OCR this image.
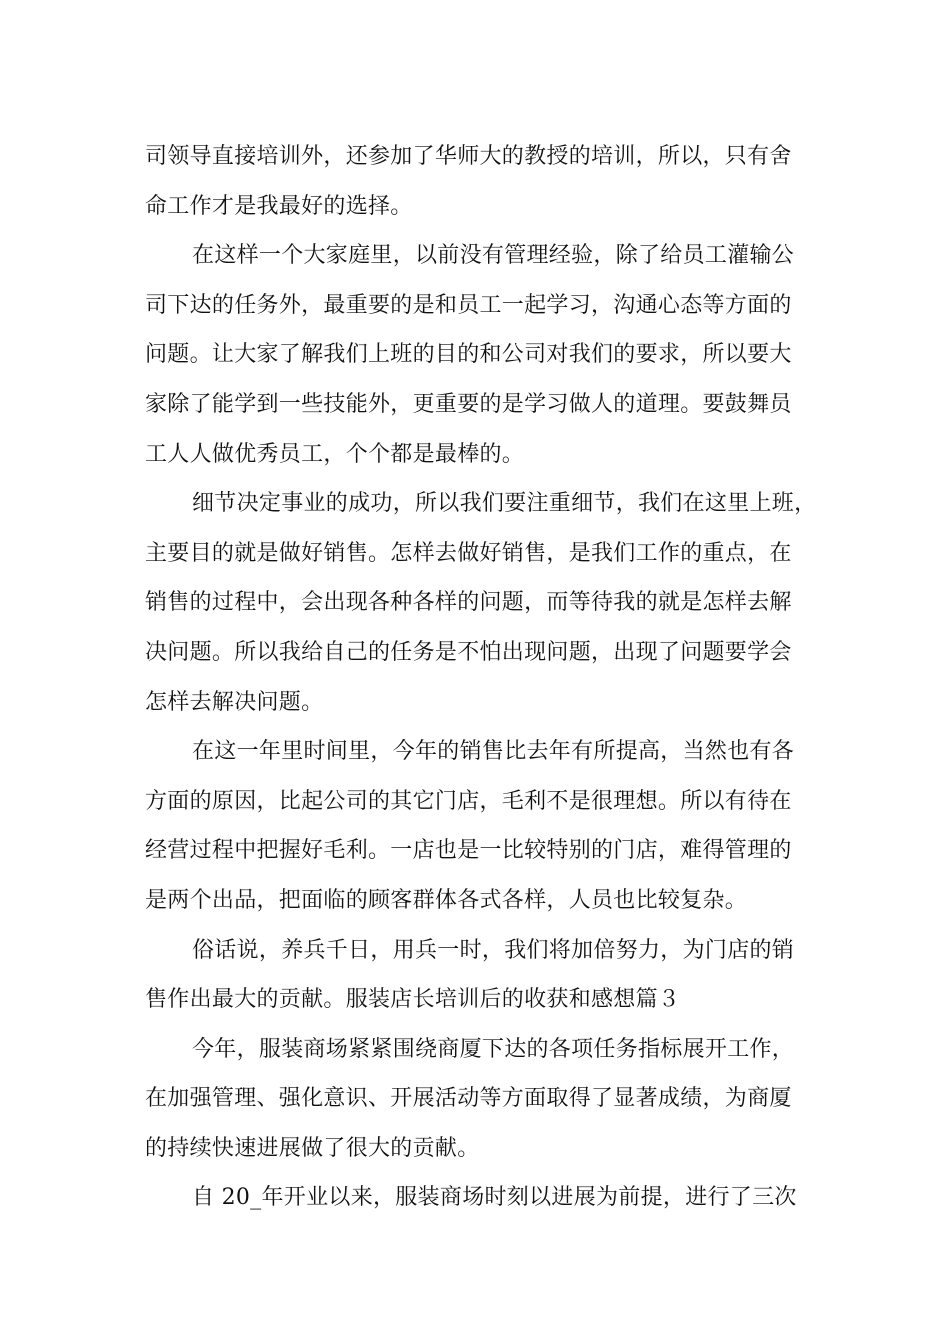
司领导直接培训外，还参加了华师大的教授的培训，所以，只有舍
命工作才是我最好的选择。
在这样一个大家庭里，以前没有管理经验，除了给员工灌输公
司下达的任务外，最重要的是和员工一起学习，沟通心态等方面的
问题。让大家了解我们上班的目的和公司对我们的要求，所以要大
家除了能学到一些技能外，更重要的是学习做人的道理。要鼓舞员
工人人做优秀员工，个个都是最棒的。
细节决定事业的成功，所以我们要注重细节，我们在这里上班，
主要目的就是做好销售。怎样去做好销售，是我们工作的重点，在
销售的过程中，会出现各种各样的问题，而等待我的就是怎样去解
决问题。所以我给自己的任务是不怕出现问题，出现了问题要学会
怎样去解决问题。
在这一年里时间里，今年的销售比去年有所提高，当然也有各
方面的原因，比起公司的其它门店，毛利不是很理想。所以有待在
经营过程中把握好毛利。一店也是一比较特别的门店，难得管理的
是两个出品，把面临的顾客群体各式各样，人员也比较复杂。
俗话说，养兵千日，用兵一时，我们将加倍努力，为门店的销
售作出最大的贡献。服装店长培训后的收获和感想篇３
今年，服装商场紧紧围绕商厦下达的各项任务指标展开工作，
在加强管理、强化意识、开展活动等方面取得了显著成绩，为商厦
的持续快速进展做了很大的贡献。
自 20_年开业以来，服装商场时刻以进展为前提，进行了三次
